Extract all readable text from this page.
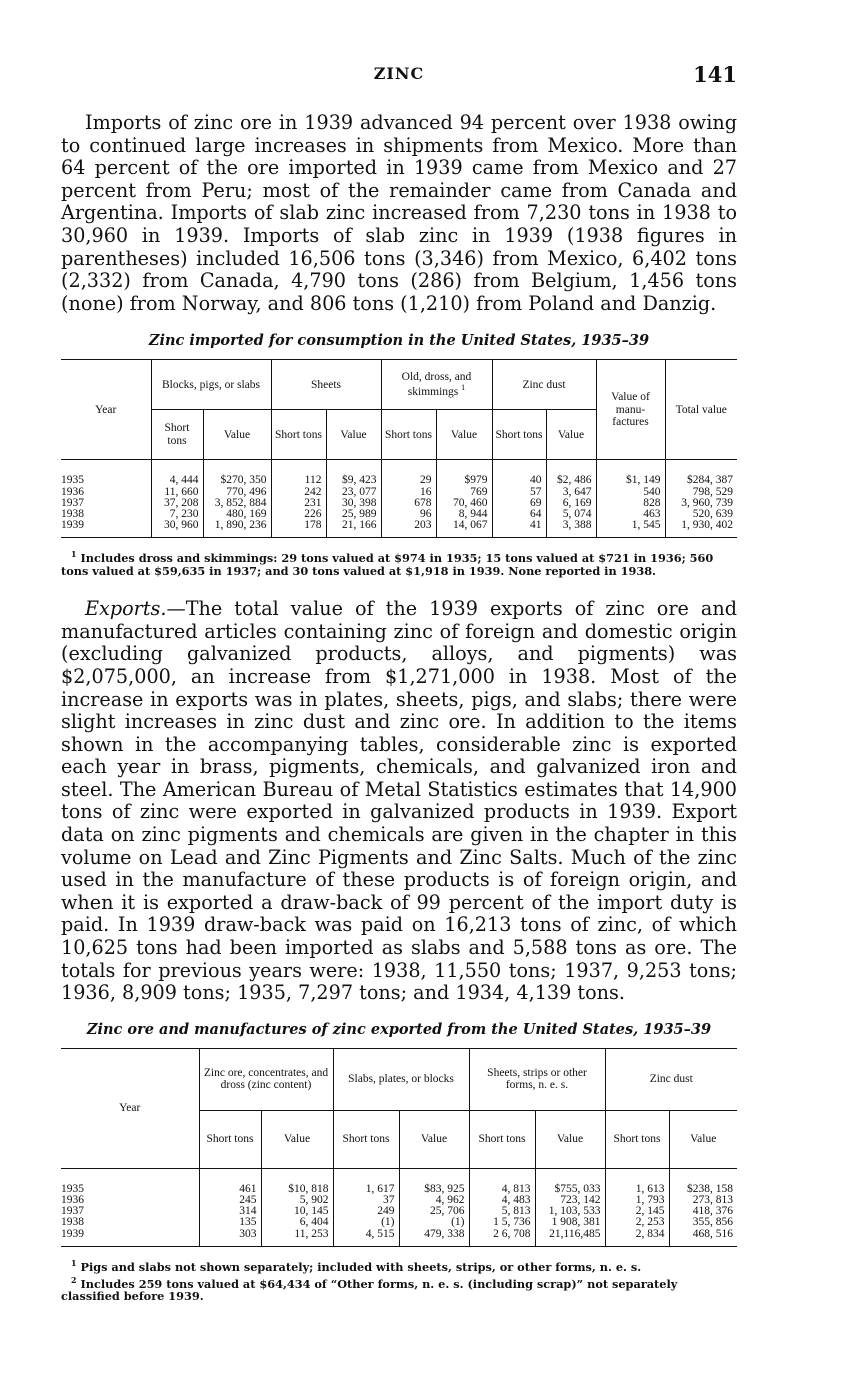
ZINC	141

Imports of zinc ore in 1939 advanced 94 percent over 1938 owing to continued large increases in shipments from Mexico. More than 64 percent of the ore imported in 1939 came from Mexico and 27 percent from Peru; most of the remainder came from Canada and Argentina. Imports of slab zinc increased from 7,230 tons in 1938 to 30,960 in 1939. Imports of slab zinc in 1939 (1938 figures in parentheses) included 16,506 tons (3,346) from Mexico, 6,402 tons (2,332) from Canada, 4,790 tons (286) from Belgium, 1,456 tons (none) from Norway, and 806 tons (1,210) from Poland and Danzig.

Zinc imported for consumption in the United States, 1935–39

Year	Blocks, pigs, or slabs		Sheets		Old, dross, and skimmings $^1$		Zinc dust		Value of manu-factures	Total value
	Short tons	Value	Short tons	Value	Short tons	Value	Short tons	Value		
1935	4, 444	$270, 350	112	$9, 423	29	$979	40	$2, 486	$1, 149	$284, 387
1936	11, 660	770, 496	242	23, 077	16	769	57	3, 647	540	798, 529
1937	37, 208	3, 852, 884	231	30, 398	678	70, 460	69	6, 169	828	3, 960, 739
1938	7, 230	480, 169	226	25, 989	96	8, 944	64	5, 074	463	520, 639
1939	30, 960	1, 890, 236	178	21, 166	203	14, 067	41	3, 388	1, 545	1, 930, 402

$^1$ Includes dross and skimmings: 29 tons valued at $974 in 1935; 15 tons valued at $721 in 1936; 560 tons valued at $59,635 in 1937; and 30 tons valued at $1,918 in 1939. None reported in 1938.

Exports.—The total value of the 1939 exports of zinc ore and manufactured articles containing zinc of foreign and domestic origin (excluding galvanized products, alloys, and pigments) was $2,075,000, an increase from $1,271,000 in 1938. Most of the increase in exports was in plates, sheets, pigs, and slabs; there were slight increases in zinc dust and zinc ore. In addition to the items shown in the accompanying tables, considerable zinc is exported each year in brass, pigments, chemicals, and galvanized iron and steel. The American Bureau of Metal Statistics estimates that 14,900 tons of zinc were exported in galvanized products in 1939. Export data on zinc pigments and chemicals are given in the chapter in this volume on Lead and Zinc Pigments and Zinc Salts. Much of the zinc used in the manufacture of these products is of foreign origin, and when it is exported a draw-back of 99 percent of the import duty is paid. In 1939 draw-back was paid on 16,213 tons of zinc, of which 10,625 tons had been imported as slabs and 5,588 tons as ore. The totals for previous years were: 1938, 11,550 tons; 1937, 9,253 tons; 1936, 8,909 tons; 1935, 7,297 tons; and 1934, 4,139 tons.

Zinc ore and manufactures of zinc exported from the United States, 1935–39

Year	Zinc ore, concentrates, and dross (zinc content)		Slabs, plates, or blocks		Sheets, strips or other forms, n. e. s.		Zinc dust	
	Short tons	Value	Short tons	Value	Short tons	Value	Short tons	Value
1935	461	$10, 818	1, 617	$83, 925	4, 813	$755, 033	1, 613	$238, 158
1936	245	5, 902	37	4, 962	4, 483	723, 142	1, 793	273, 813
1937	314	10, 145	249	25, 706	5, 813	1, 103, 533	2, 145	418, 376
1938	135	6, 404	(1)	(1)	1 5, 736	1 908, 381	2, 253	355, 856
1939	303	11, 253	4, 515	479, 338	2 6, 708	21,116,485	2, 834	468, 516

$^1$ Pigs and slabs not shown separately; included with sheets, strips, or other forms, n. e. s.

$^2$ Includes 259 tons valued at $64,434 of “Other forms, n. e. s. (including scrap)” not separately classified before 1939.
